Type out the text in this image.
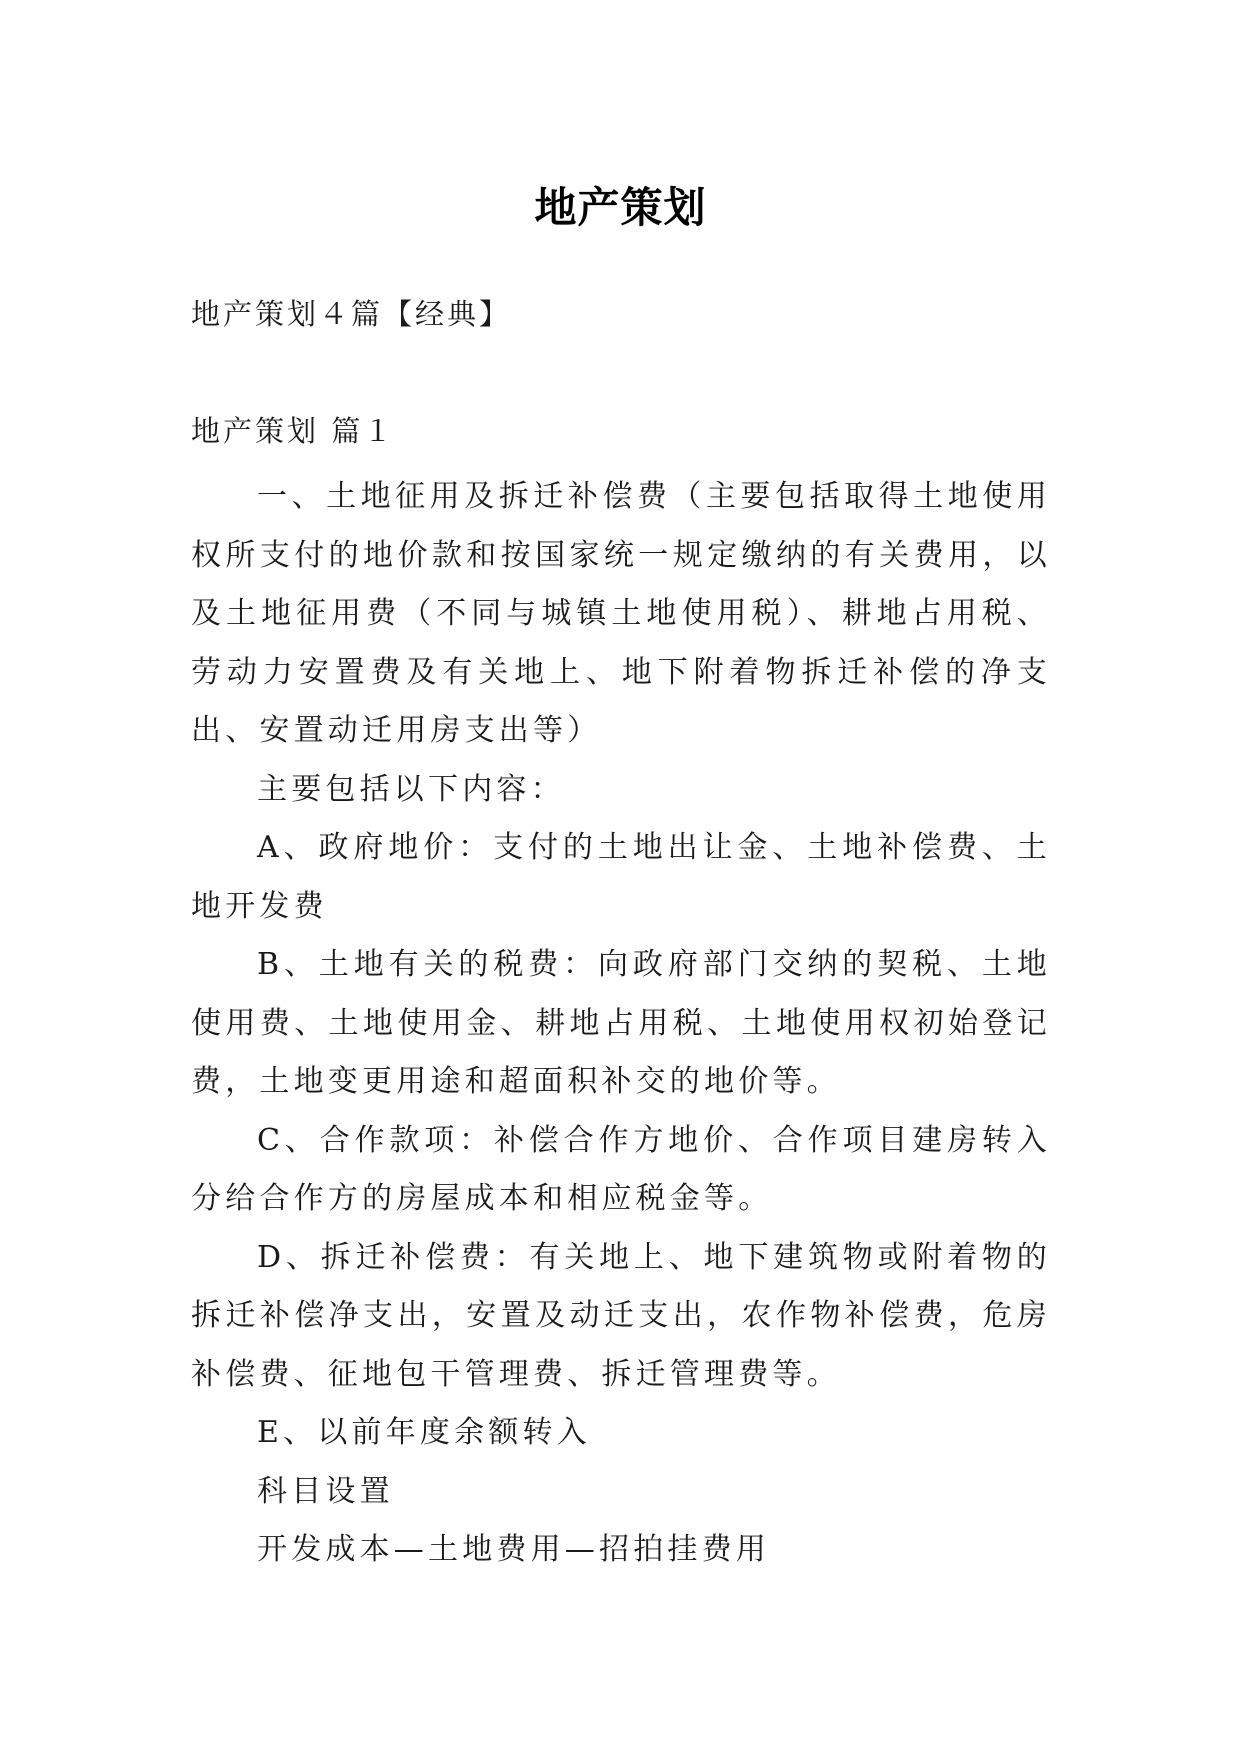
地产策划
地产策划４篇【经典】
地产策划 篇１

一、土地征用及拆迁补偿费（主要包括取得土地使用权所支付的地价款和按国家统一规定缴纳的有关费用，以及土地征用费（不同与城镇土地使用税）、耕地占用税、劳动力安置费及有关地上、地下附着物拆迁补偿的净支出、安置动迁用房支出等）

主要包括以下内容：

A、政府地价：支付的土地出让金、土地补偿费、土地开发费

B、土地有关的税费：向政府部门交纳的契税、土地使用费、土地使用金、耕地占用税、土地使用权初始登记费，土地变更用途和超面积补交的地价等。

C、合作款项：补偿合作方地价、合作项目建房转入分给合作方的房屋成本和相应税金等。

D、拆迁补偿费：有关地上、地下建筑物或附着物的拆迁补偿净支出，安置及动迁支出，农作物补偿费，危房补偿费、征地包干管理费、拆迁管理费等。

E、以前年度余额转入

科目设置

开发成本—土地费用—招拍挂费用
